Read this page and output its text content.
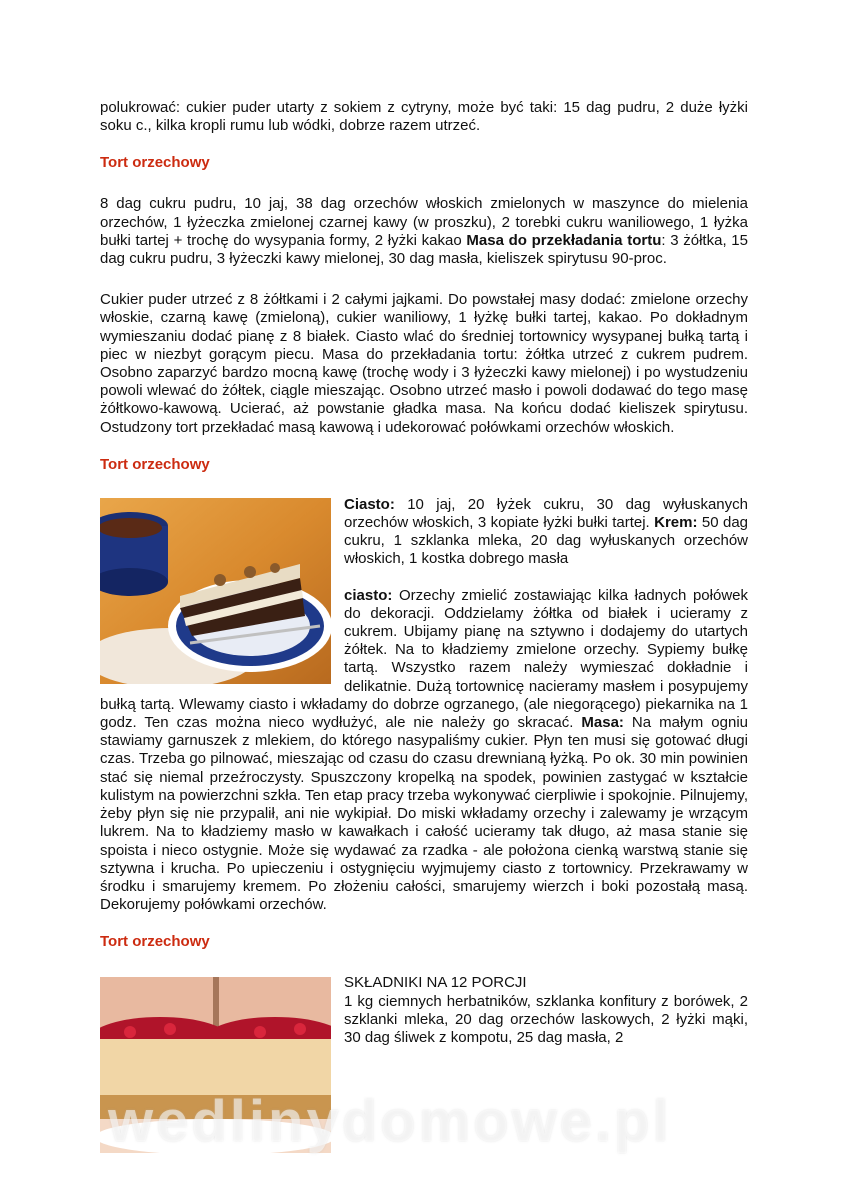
polukrować: cukier puder utarty z sokiem z cytryny, może być taki: 15 dag pudru, 2 duże łyżki soku c., kilka kropli rumu lub wódki, dobrze razem utrzeć.

Tort orzechowy

8 dag cukru pudru, 10 jaj, 38 dag orzechów włoskich zmielonych w maszynce do mielenia orzechów, 1 łyżeczka zmielonej czarnej kawy (w proszku), 2 torebki cukru waniliowego, 1 łyżka bułki tartej + trochę do wysypania formy, 2 łyżki kakao Masa do przekładania tortu: 3 żółtka, 15 dag cukru pudru, 3 łyżeczki kawy mielonej, 30 dag masła, kieliszek spirytusu 90-proc.

Cukier puder utrzeć z 8 żółtkami i 2 całymi jajkami. Do powstałej masy dodać: zmielone orzechy włoskie, czarną kawę (zmieloną), cukier waniliowy, 1 łyżkę bułki tartej, kakao. Po dokładnym wymieszaniu dodać pianę z 8 białek. Ciasto wlać do średniej tortownicy wysypanej bułką tartą i piec w niezbyt gorącym piecu. Masa do przekładania tortu: żółtka utrzeć z cukrem pudrem. Osobno zaparzyć bardzo mocną kawę (trochę wody i 3 łyżeczki kawy mielonej) i po wystudzeniu powoli wlewać do żółtek, ciągle mieszając. Osobno utrzeć masło i powoli dodawać do tego masę żółtkowo-kawową. Ucierać, aż powstanie gładka masa. Na końcu dodać kieliszek spirytusu. Ostudzony tort przekładać masą kawową i udekorować połówkami orzechów włoskich.

Tort orzechowy

Ciasto: 10 jaj, 20 łyżek cukru, 30 dag wyłuskanych orzechów włoskich, 3 kopiate łyżki bułki tartej. Krem: 50 dag cukru, 1 szklanka mleka, 20 dag wyłuskanych orzechów włoskich, 1 kostka dobrego masła

ciasto: Orzechy zmielić zostawiając kilka ładnych połówek do dekoracji. Oddzielamy żółtka od białek i ucieramy z cukrem. Ubijamy pianę na sztywno i dodajemy do utartych żółtek. Na to kładziemy zmielone orzechy. Sypiemy bułkę tartą. Wszystko razem należy wymieszać dokładnie i delikatnie. Dużą tortownicę nacieramy masłem i posypujemy bułką tartą. Wlewamy ciasto i wkładamy do dobrze ogrzanego, (ale niegorącego) piekarnika na 1 godz. Ten czas można nieco wydłużyć, ale nie należy go skracać. Masa: Na małym ogniu stawiamy garnuszek z mlekiem, do którego nasypaliśmy cukier. Płyn ten musi się gotować długi czas. Trzeba go pilnować, mieszając od czasu do czasu drewnianą łyżką. Po ok. 30 min powinien stać się niemal przeźroczysty. Spuszczony kropelką na spodek, powinien zastygać w kształcie kulistym na powierzchni szkła. Ten etap pracy trzeba wykonywać cierpliwie i spokojnie. Pilnujemy, żeby płyn się nie przypalił, ani nie wykipiał. Do miski wkładamy orzechy i zalewamy je wrzącym lukrem. Na to kładziemy masło w kawałkach i całość ucieramy tak długo, aż masa stanie się spoista i nieco ostygnie. Może się wydawać za rzadka - ale położona cienką warstwą stanie się sztywna i krucha. Po upieczeniu i ostygnięciu wyjmujemy ciasto z tortownicy. Przekrawamy w środku i smarujemy kremem. Po złożeniu całości, smarujemy wierzch i boki pozostałą masą. Dekorujemy połówkami orzechów.

Tort orzechowy

SKŁADNIKI NA 12 PORCJI

1 kg ciemnych herbatników, szklanka konfitury z borówek, 2 szklanki mleka, 20 dag orzechów laskowych, 2 łyżki mąki, 30 dag śliwek z kompotu, 25 dag masła, 2

wedlinydomowe.pl
